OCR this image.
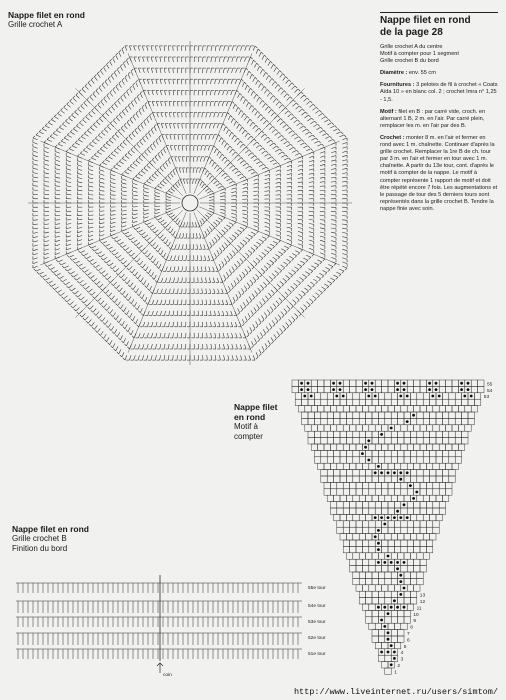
Nappe filet en rond
Grille crochet A	Nappe filet en rond
de la page 28

Grille crochet A du centre
Motif à compter pour 1 segment
Grille crochet B du bord

Diamètre : env. 55 cm

Fournitures : 3 pelotes de fil à crochet « Coats Aïda 10 » en blanc col. 2 ; crochet Imra n° 1,25 - 1,5.

Motif : filet en B : par carré vide, croch. en alternant 1 B, 2 m. en l'air. Par carré plein, remplacer les m. en l'air par des B.

Crochet : monter 8 m. en l'air et fermer en rond avec 1 m. chaînette. Continuer d'après la grille crochet. Remplacer la 1re B de ch. tour par 3 m. en l'air et fermer en tour avec 1 m. chaînette. A partir du 13e tour, cont. d'après le motif à compter de la nappe. Le motif à compter représente 1 rapport de motif et doit être répété encore 7 fois. Les augmentations et le passage de tour des 5 derniers tours sont représentés dans la grille crochet B. Tendre la nappe finie avec soin.

Nappe filet
en rond
Motif à
compter
55
54
53
13
12
11
10
9
8
7
6
5
4
3
2
1
Nappe filet en rond
Grille crochet B
Finition du bord
55e tour
54e tour
53e tour
52e tour
51e tour
coin
http://www.liveinternet.ru/users/simtom/
